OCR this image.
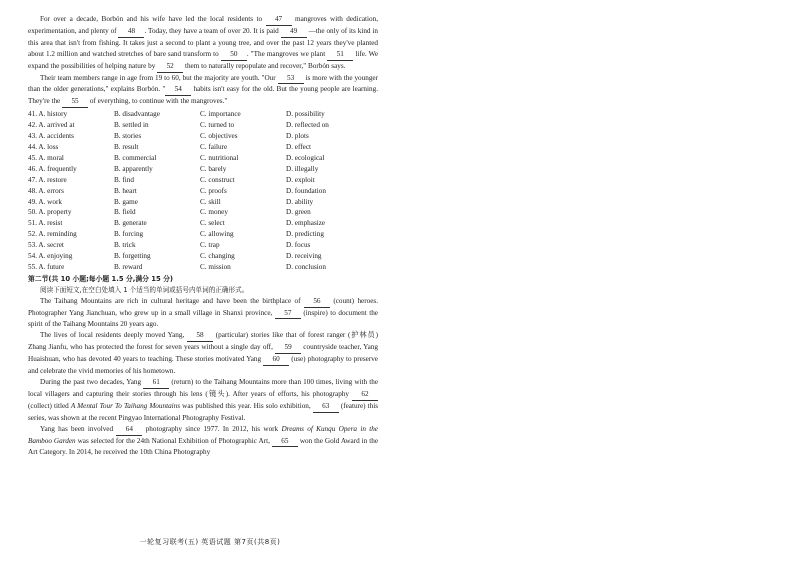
For over a decade, Borbón and his wife have led the local residents to 47 mangroves with dedication, experimentation, and plenty of 48 . Today, they have a team of over 20. It is paid 49 —the only of its kind in this area that isn't from fishing. It takes just a second to plant a young tree, and over the past 12 years they've planted about 1.2 million and watched stretches of bare sand transform to 50 . "The mangroves we plant 51 life. We expand the possibilities of helping nature by 52 them to naturally repopulate and recover," Borbón says.

Their team members range in age from 19 to 60, but the majority are youth. "Our 53 is more with the younger than the older generations," explains Borbón. " 54 habits isn't easy for the old. But the young people are learning. They're the 55 of everything, to continue with the mangroves."

41. A. history	B. disadvantage	C. importance	D. possibility
42. A. arrived at	B. settled in	C. turned to	D. reflected on
43. A. accidents	B. stories	C. objectives	D. plots
44. A. loss	B. result	C. failure	D. effect
45. A. moral	B. commercial	C. nutritional	D. ecological
46. A. frequently	B. apparently	C. barely	D. illegally
47. A. restore	B. find	C. construct	D. exploit
48. A. errors	B. heart	C. proofs	D. foundation
49. A. work	B. game	C. skill	D. ability
50. A. property	B. field	C. money	D. green
51. A. resist	B. generate	C. select	D. emphasize
52. A. reminding	B. forcing	C. allowing	D. predicting
53. A. secret	B. trick	C. trap	D. focus
54. A. enjoying	B. forgetting	C. changing	D. receiving
55. A. future	B. reward	C. mission	D. conclusion
第二节(共 10 小题;每小题 1.5 分,满分 15 分)
阅读下面短文,在空白处填入 1 个适当的单词或括号内单词的正确形式。

The Taihang Mountains are rich in cultural heritage and have been the birthplace of 56 (count) heroes. Photographer Yang Jianchuan, who grew up in a small village in Shanxi province, 57 (inspire) to document the spirit of the Taihang Mountains 20 years ago.

The lives of local residents deeply moved Yang, 58 (particular) stories like that of forest ranger (护林员) Zhang Jianfu, who has protected the forest for seven years without a single day off, 59 countryside teacher, Yang Huaishuan, who has devoted 40 years to teaching. These stories motivated Yang 60 (use) photography to preserve and celebrate the vivid memories of his hometown.

During the past two decades, Yang 61 (return) to the Taihang Mountains more than 100 times, living with the local villagers and capturing their stories through his lens (镜头). After years of efforts, his photography 62 (collect) titled A Mental Tour To Taihang Mountains was published this year. His solo exhibition, 63 (feature) this series, was shown at the recent Pingyao International Photography Festival.

Yang has been involved 64 photography since 1977. In 2012, his work Dreams of Kunqu Opera in the Bamboo Garden was selected for the 24th National Exhibition of Photographic Art, 65 won the Gold Award in the Art Category. In 2014, he received the 10th China Photography

一轮复习联考(五) 英语试题 第7页(共8页)
